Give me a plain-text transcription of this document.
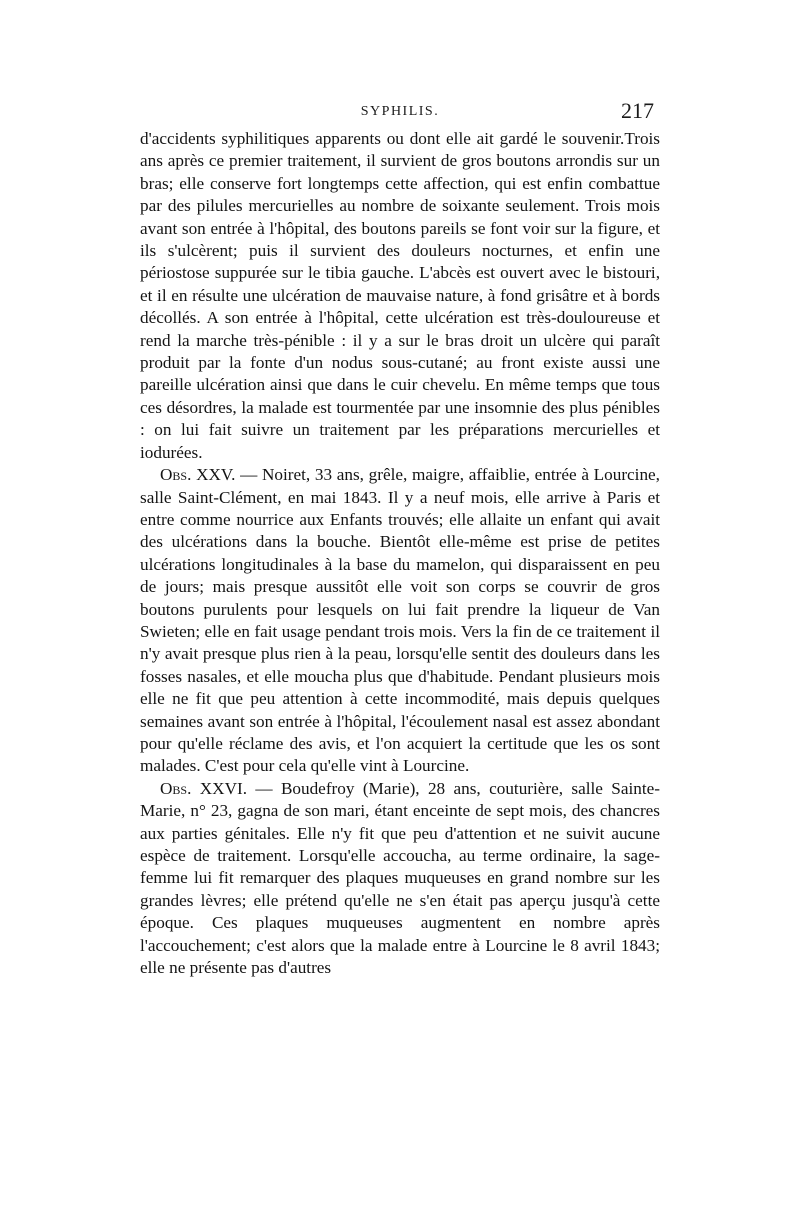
SYPHILIS.	217

d'accidents syphilitiques apparents ou dont elle ait gardé le souvenir.Trois ans après ce premier traitement, il survient de gros boutons arrondis sur un bras; elle conserve fort longtemps cette affection, qui est enfin combattue par des pilules mercurielles au nombre de soixante seulement. Trois mois avant son entrée à l'hôpital, des boutons pareils se font voir sur la figure, et ils s'ulcèrent; puis il survient des douleurs nocturnes, et enfin une périostose suppurée sur le tibia gauche. L'abcès est ouvert avec le bistouri, et il en résulte une ulcération de mauvaise nature, à fond grisâtre et à bords décollés. A son entrée à l'hôpital, cette ulcération est très-douloureuse et rend la marche très-pénible : il y a sur le bras droit un ulcère qui paraît produit par la fonte d'un nodus sous-cutané; au front existe aussi une pareille ulcération ainsi que dans le cuir chevelu. En même temps que tous ces désordres, la malade est tourmentée par une insomnie des plus pénibles : on lui fait suivre un traitement par les préparations mercurielles et iodurées.

Obs. XXV. — Noiret, 33 ans, grêle, maigre, affaiblie, entrée à Lourcine, salle Saint-Clément, en mai 1843. Il y a neuf mois, elle arrive à Paris et entre comme nourrice aux Enfants trouvés; elle allaite un enfant qui avait des ulcérations dans la bouche. Bientôt elle-même est prise de petites ulcérations longitudinales à la base du mamelon, qui disparaissent en peu de jours; mais presque aussitôt elle voit son corps se couvrir de gros boutons purulents pour lesquels on lui fait prendre la liqueur de Van Swieten; elle en fait usage pendant trois mois. Vers la fin de ce traitement il n'y avait presque plus rien à la peau, lorsqu'elle sentit des douleurs dans les fosses nasales, et elle moucha plus que d'habitude. Pendant plusieurs mois elle ne fit que peu attention à cette incommodité, mais depuis quelques semaines avant son entrée à l'hôpital, l'écoulement nasal est assez abondant pour qu'elle réclame des avis, et l'on acquiert la certitude que les os sont malades. C'est pour cela qu'elle vint à Lourcine.

Obs. XXVI. — Boudefroy (Marie), 28 ans, couturière, salle Sainte-Marie, n° 23, gagna de son mari, étant enceinte de sept mois, des chancres aux parties génitales. Elle n'y fit que peu d'attention et ne suivit aucune espèce de traitement. Lorsqu'elle accoucha, au terme ordinaire, la sage-femme lui fit remarquer des plaques muqueuses en grand nombre sur les grandes lèvres; elle prétend qu'elle ne s'en était pas aperçu jusqu'à cette époque. Ces plaques muqueuses augmentent en nombre après l'accouchement; c'est alors que la malade entre à Lourcine le 8 avril 1843; elle ne présente pas d'autres
